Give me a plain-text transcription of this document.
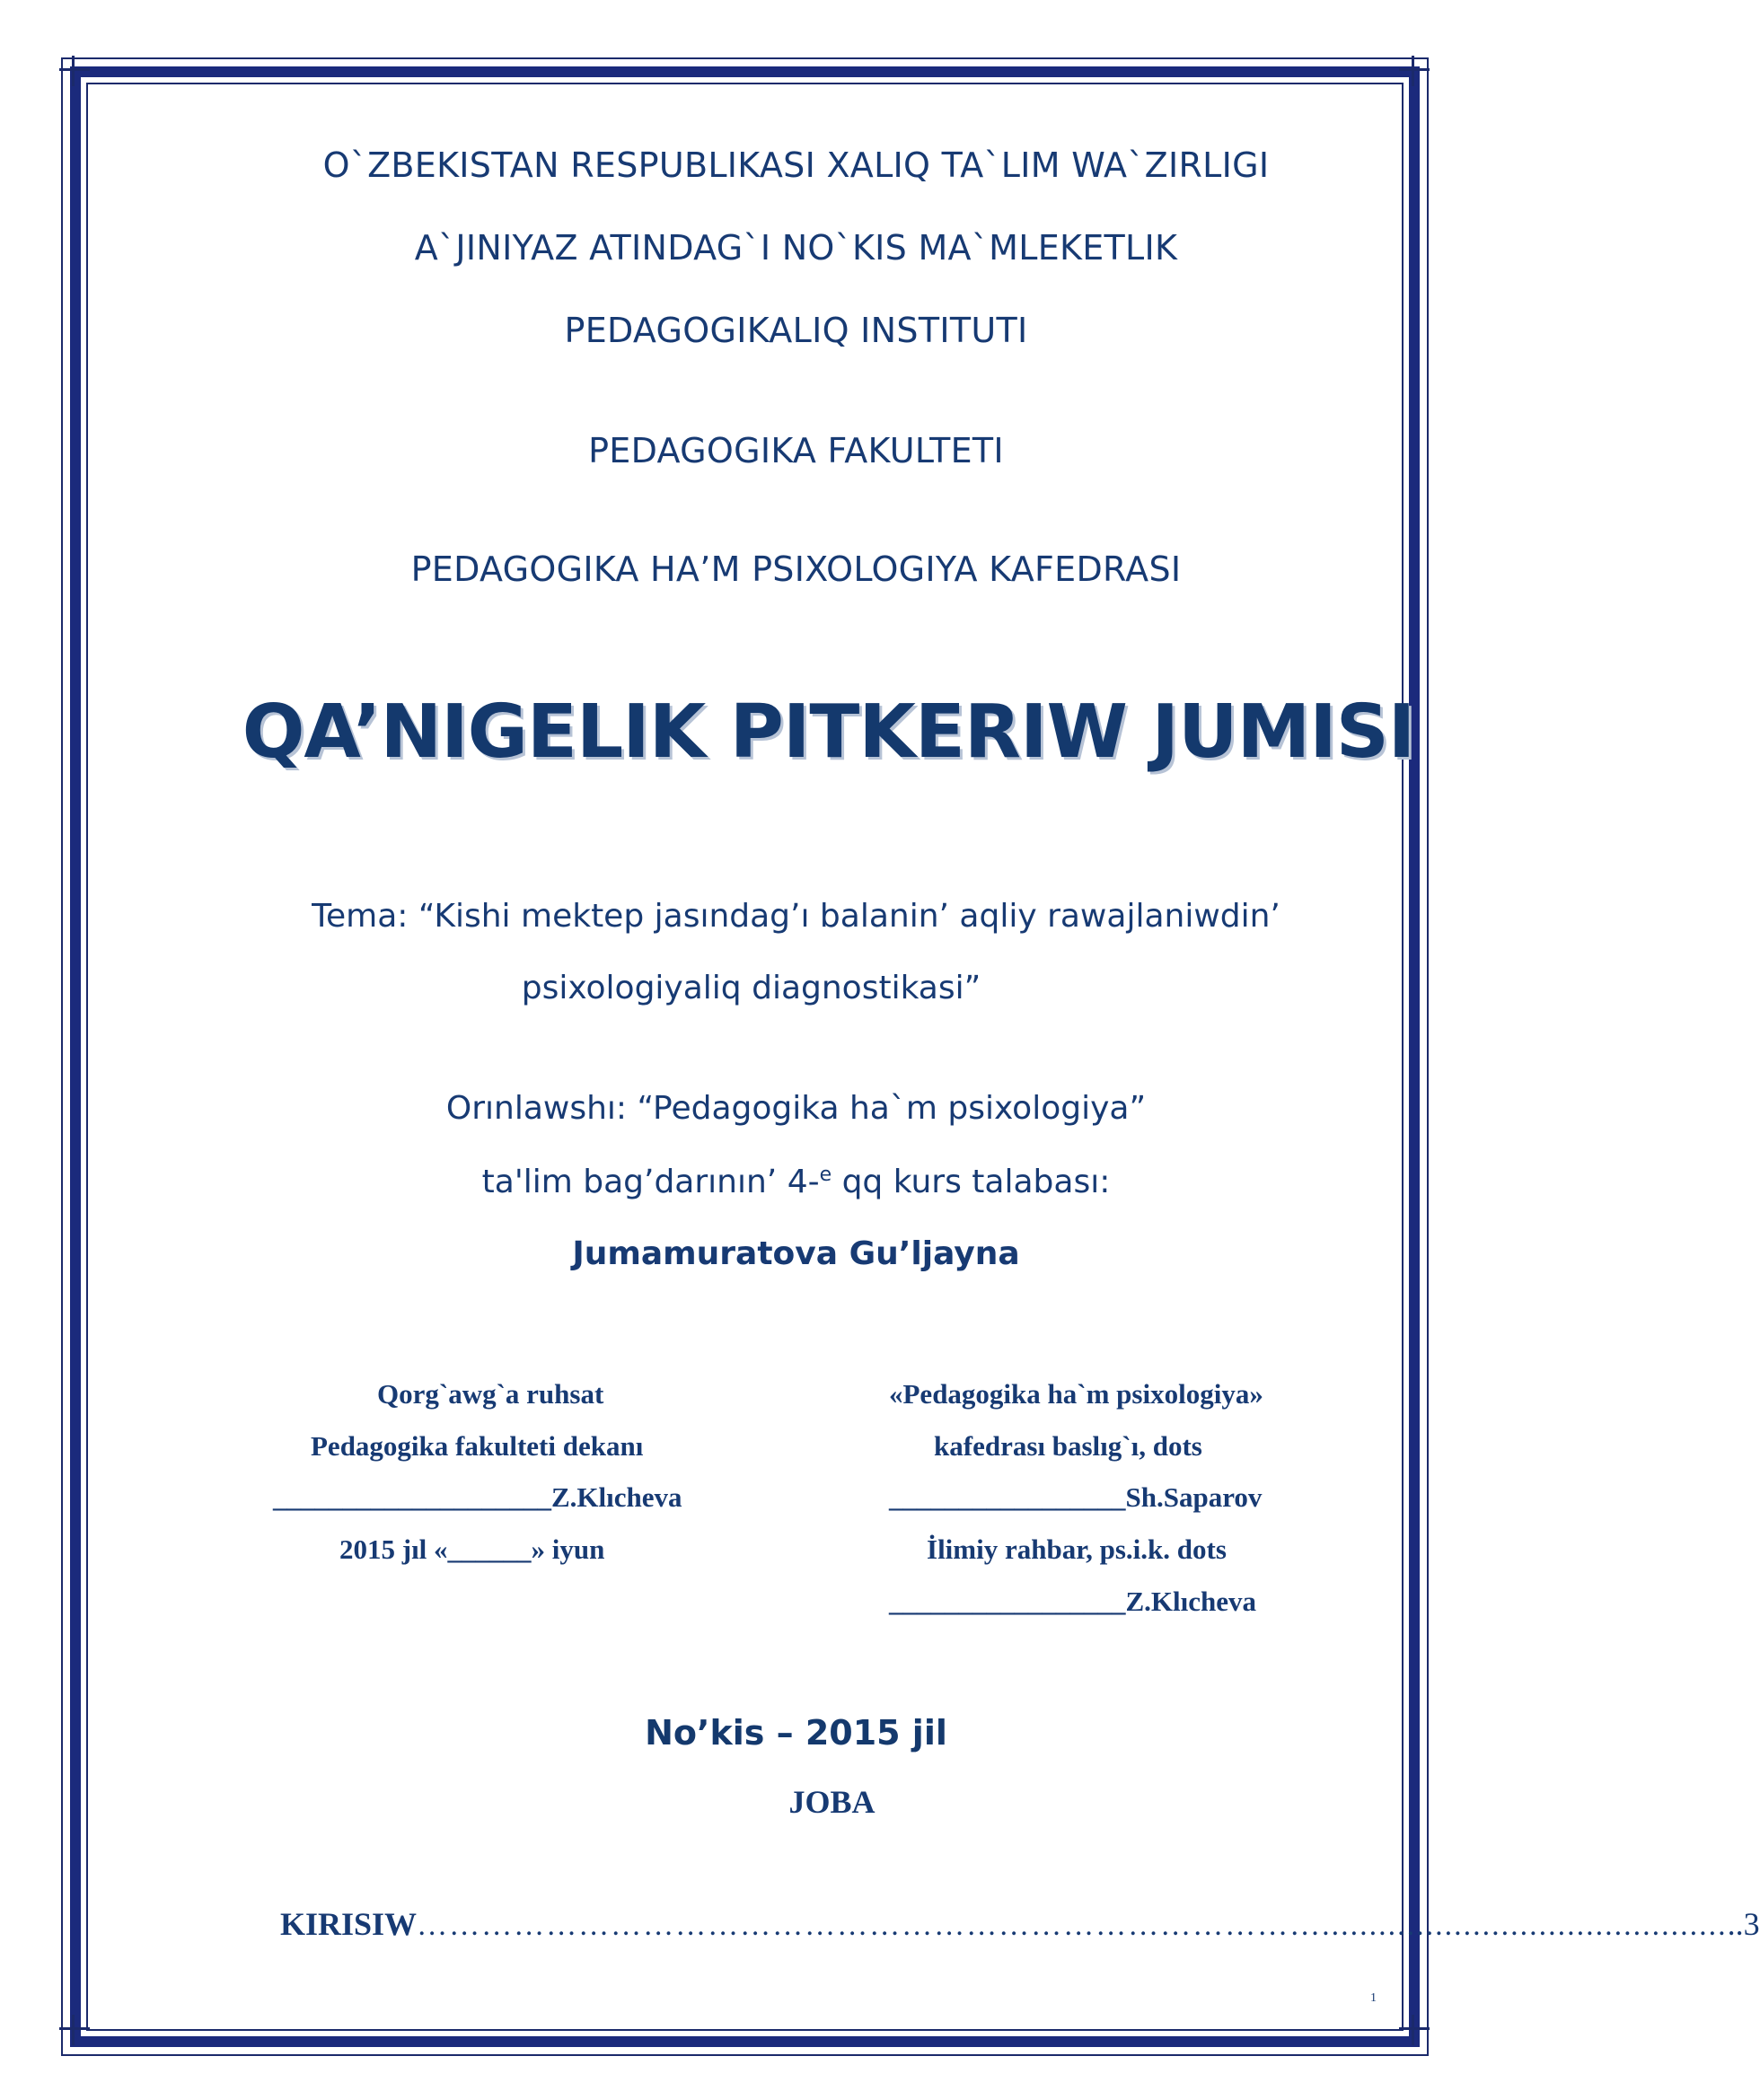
O`ZBEKISTAN RESPUBLIKASI XALIQ TA`LIM WA`ZIRLIGI
A`JINIYAZ ATINDAG`I NO`KIS MA`MLEKETLIK
PEDAGOGIKALIQ INSTITUTI
PEDAGOGIKA FAKULTETI
PEDAGOGIKA HA’M PSIXOLOGIYA KAFEDRASI
QA’NIGELIK PITKERIW JUMISI
Tema: “Kishi mektep jasındag’ı balanin’ aqliy rawajlaniwdin’
psixologiyaliq diagnostikasi”
Orınlawshı: “Pedagogika ha`m psixologiya”
ta'lim bag’darının’ 4-$^e$ qq kurs talabası:
Jumamuratova Gu’ljayna
Qorg`awg`a ruhsat
Pedagogika fakulteti dekanı
____________________Z.Klıcheva
2015 jıl «______» iyun
«Pedagogika ha`m psixologiya»
kafedrası baslıg`ı, dots
_________________Sh.Saparov
İlimiy rahbar, ps.i.k. dots
_________________Z.Klıcheva
No’kis – 2015 jil
JOBA
KIRISIW …………………………………………………………………………........................................... ..3
1
